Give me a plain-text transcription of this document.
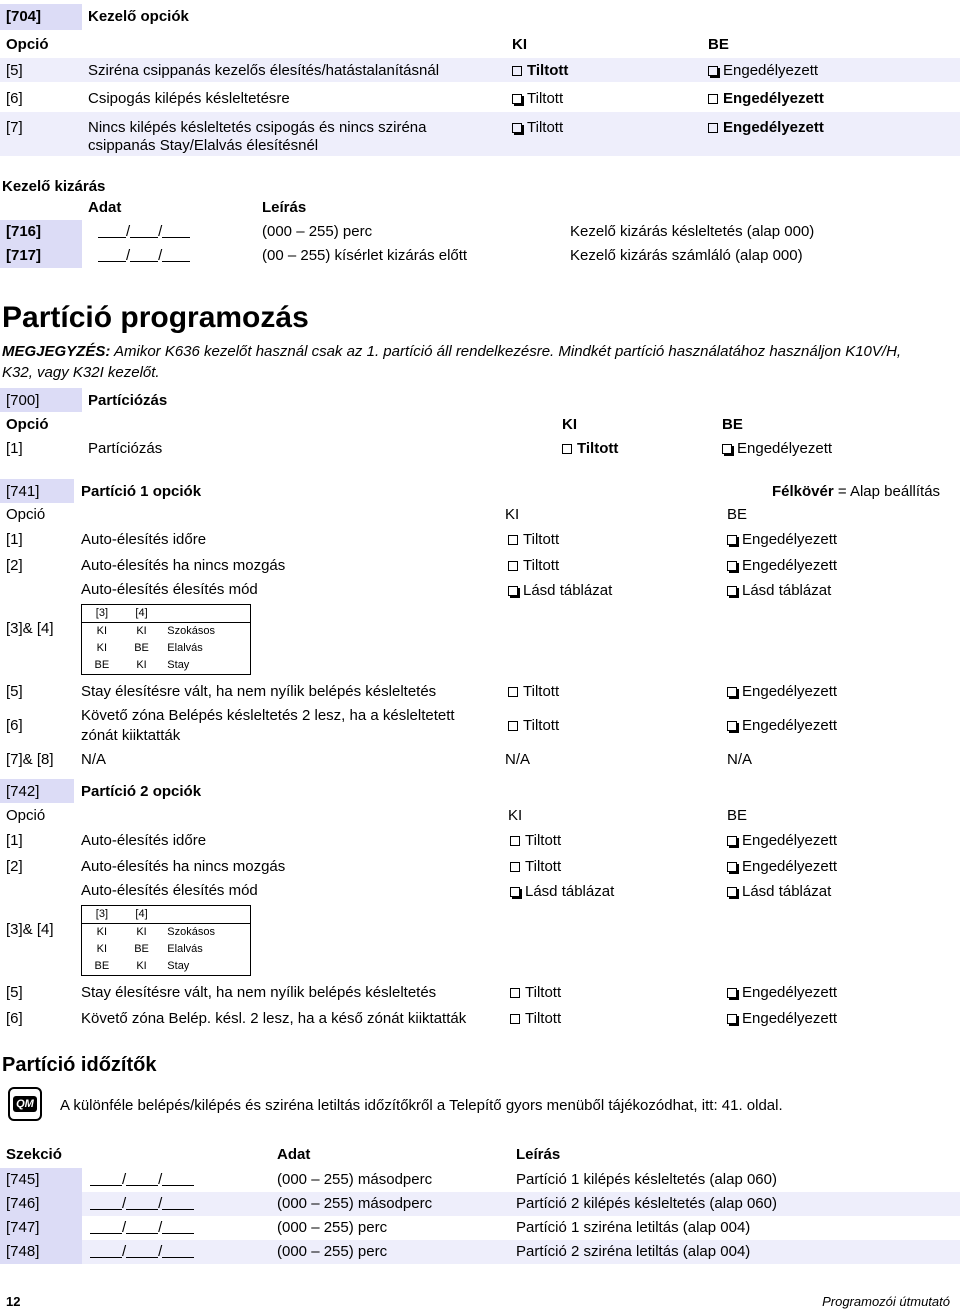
[704]	Kezelő opciók
Opció	KI	BE
[5]	Sziréna csippanás kezelős élesítés/hatástalanításnál	Tiltott	Engedélyezett
[6]	Csipogás kilépés késleltetésre	Tiltott	Engedélyezett
[7]	Nincs kilépés késleltetés csipogás és nincs sziréna
csippanás Stay/Elalvás élesítésnél
Tiltott	Engedélyezett
Kezelő kizárás
Adat	Leírás
[716]	/ /	(000 – 255) perc	Kezelő kizárás késleltetés (alap 000)
[717]	/ /	(00 – 255) kísérlet kizárás előtt	Kezelő kizárás számláló (alap 000)
Partíció programozás
MEGJEGYZÉS: Amikor K636 kezelőt használ csak az 1. partíció áll rendelkezésre. Mindkét partíció használatához használjon K10V/H,
K32, vagy K32I kezelőt.
[700]	Partíciózás
Opció	KI	BE
[1]	Partíciózás	Tiltott	Engedélyezett
[741]	Partíció 1 opciók	Félkövér = Alap beállítás
Opció	KI	BE
[1]	Auto-élesítés időre	Tiltott	Engedélyezett
[2]	Auto-élesítés ha nincs mozgás	Tiltott	Engedélyezett
Auto-élesítés élesítés mód	Lásd táblázat	Lásd táblázat
[3]& [4]
[3]	[4]	
KI	KI	Szokásos
KI	BE	Elalvás
BE	KI	Stay
[5]	Stay élesítésre vált, ha nem nyílik belépés késleltetés	Tiltott	Engedélyezett
[6]
Követő zóna Belépés késleltetés 2 lesz, ha a késleltetett
zónát kiiktatták
Tiltott	Engedélyezett
[7]& [8] N/A	N/A	N/A
[742]	Partíció 2 opciók
Opció	KI	BE
[1]	Auto-élesítés időre	Tiltott	Engedélyezett
[2]	Auto-élesítés ha nincs mozgás	Tiltott	Engedélyezett
Auto-élesítés élesítés mód	Lásd táblázat	Lásd táblázat
[3]& [4]
[3]	[4]	
KI	KI	Szokásos
KI	BE	Elalvás
BE	KI	Stay
[5]	Stay élesítésre vált, ha nem nyílik belépés késleltetés	Tiltott	Engedélyezett
[6]	Követő zóna Belép. késl. 2 lesz, ha a késő zónát kiiktatták	Tiltott	Engedélyezett
Partíció időzítők
QM A különféle belépés/kilépés és sziréna letiltás időzítőkről a Telepítő gyors menüből tájékozódhat, itt: 41. oldal.
Szekció	Adat	Leírás
[745]	/ /	(000 – 255) másodperc	Partíció 1 kilépés késleltetés (alap 060)
[746]	/ /	(000 – 255) másodperc	Partíció 2 kilépés késleltetés (alap 060)
[747]	/ /	(000 – 255) perc	Partíció 1 sziréna letiltás (alap 004)
[748]	/ /	(000 – 255) perc	Partíció 2 sziréna letiltás (alap 004)
12	Programozói útmutató
